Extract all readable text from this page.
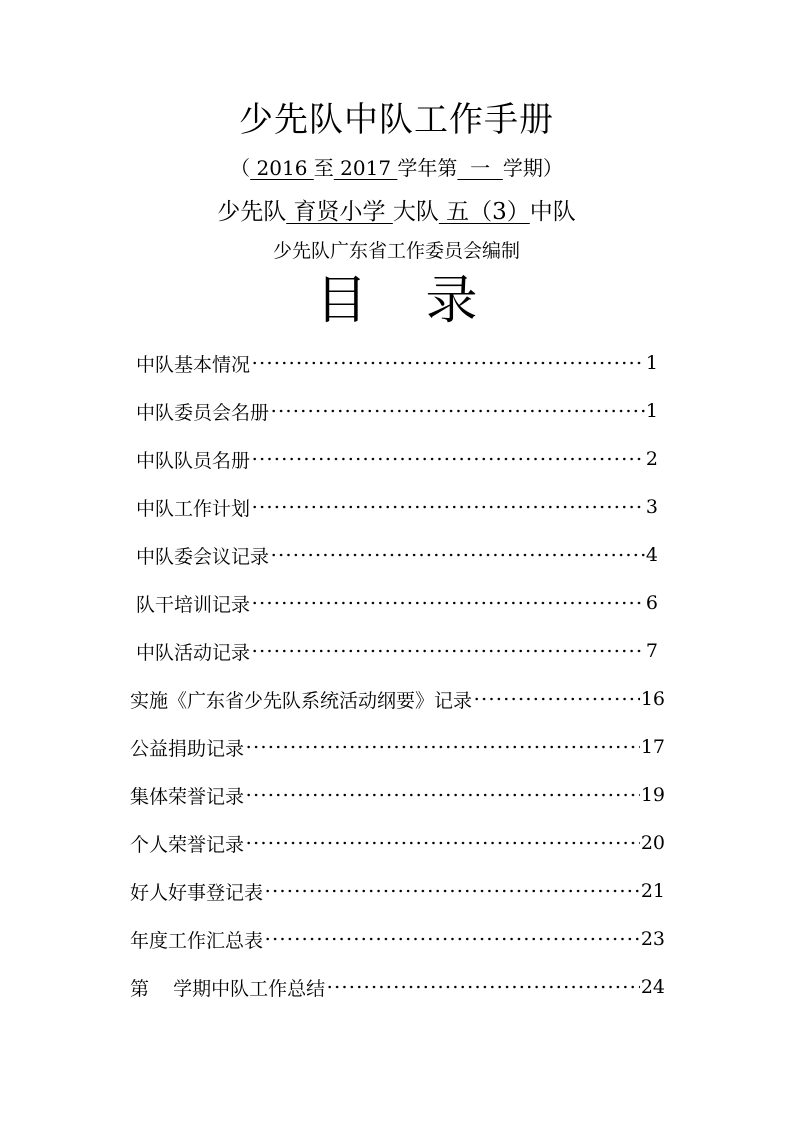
少先队中队工作手册
（ 2016 至 2017 学年第  一  学期）
少先队 育贤小学 大队 五（3）中队
少先队广东省工作委员会编制
目 录
中队基本情况	1
中队委员会名册	1
中队队员名册	2
中队工作计划	3
中队委会议记录	4
队干培训记录	6
中队活动记录	7
实施《广东省少先队系统活动纲要》记录	16
公益捐助记录	17
集体荣誉记录	19
个人荣誉记录	20
好人好事登记表	21
年度工作汇总表	23
第    学期中队工作总结	24
